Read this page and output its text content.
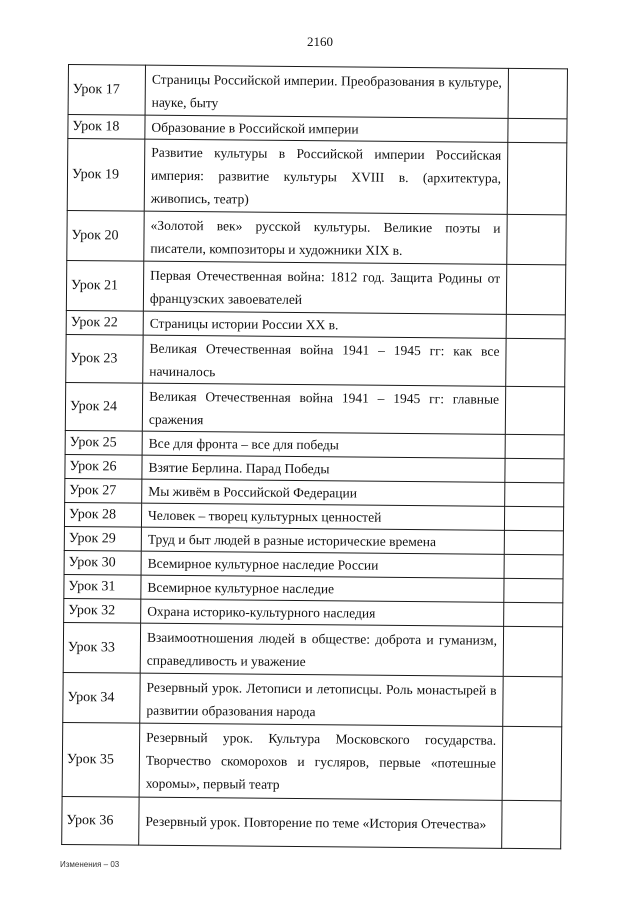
2160
Урок 17	Страницы Российской империи. Преобразования в культуре, науке, быту	
Урок 18	Образование в Российской империи	
Урок 19	Развитие культуры в Российской империи Российская империя: развитие культуры XVIII в. (архитектура, живопись, театр)	
Урок 20	«Золотой век» русской культуры. Великие поэты и писатели, композиторы и художники XIX в.	
Урок 21	Первая Отечественная война: 1812 год. Защита Родины от французских завоевателей	
Урок 22	Страницы истории России XX в.	
Урок 23	Великая Отечественная война 1941 – 1945 гг: как все начиналось	
Урок 24	Великая Отечественная война 1941 – 1945 гг: главные сражения	
Урок 25	Все для фронта – все для победы	
Урок 26	Взятие Берлина. Парад Победы	
Урок 27	Мы живём в Российской Федерации	
Урок 28	Человек – творец культурных ценностей	
Урок 29	Труд и быт людей в разные исторические времена	
Урок 30	Всемирное культурное наследие России	
Урок 31	Всемирное культурное наследие	
Урок 32	Охрана историко-культурного наследия	
Урок 33	Взаимоотношения людей в обществе: доброта и гуманизм, справедливость и уважение	
Урок 34	Резервный урок. Летописи и летописцы. Роль монастырей в развитии образования народа	
Урок 35	Резервный урок. Культура Московского государства. Творчество скоморохов и гусляров, первые «потешные хоромы», первый театр	
Урок 36	Резервный урок. Повторение по теме «История Отечества»	
Изменения – 03
